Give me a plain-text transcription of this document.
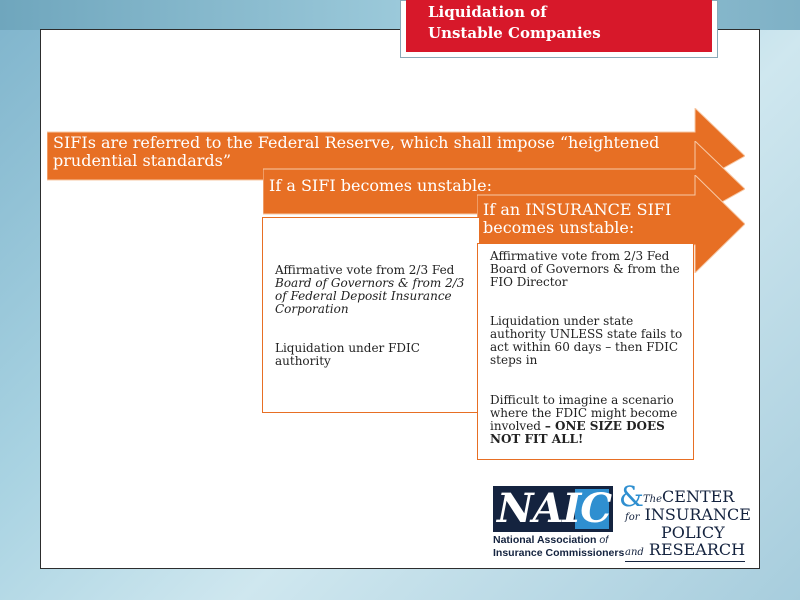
Liquidation of
Unstable Companies
SIFIs are referred to the Federal Reserve, which shall impose “heightened prudential standards”
If a SIFI becomes unstable:
If an INSURANCE SIFI
becomes unstable:

Affirmative vote from 2/3 Fed Board of Governors & from 2/3 of Federal Deposit Insurance Corporation

Liquidation under FDIC authority

Affirmative vote from 2/3 Fed Board of Governors & from the FIO Director

Liquidation under state authority UNLESS state fails to act within 60 days – then FDIC steps in

Difficult to imagine a scenario where the FDIC might become involved – ONE SIZE DOES NOT FIT ALL!

NAIC
National Association of
Insurance Commissioners
& TheCENTER
for INSURANCE
POLICY
and RESEARCH
